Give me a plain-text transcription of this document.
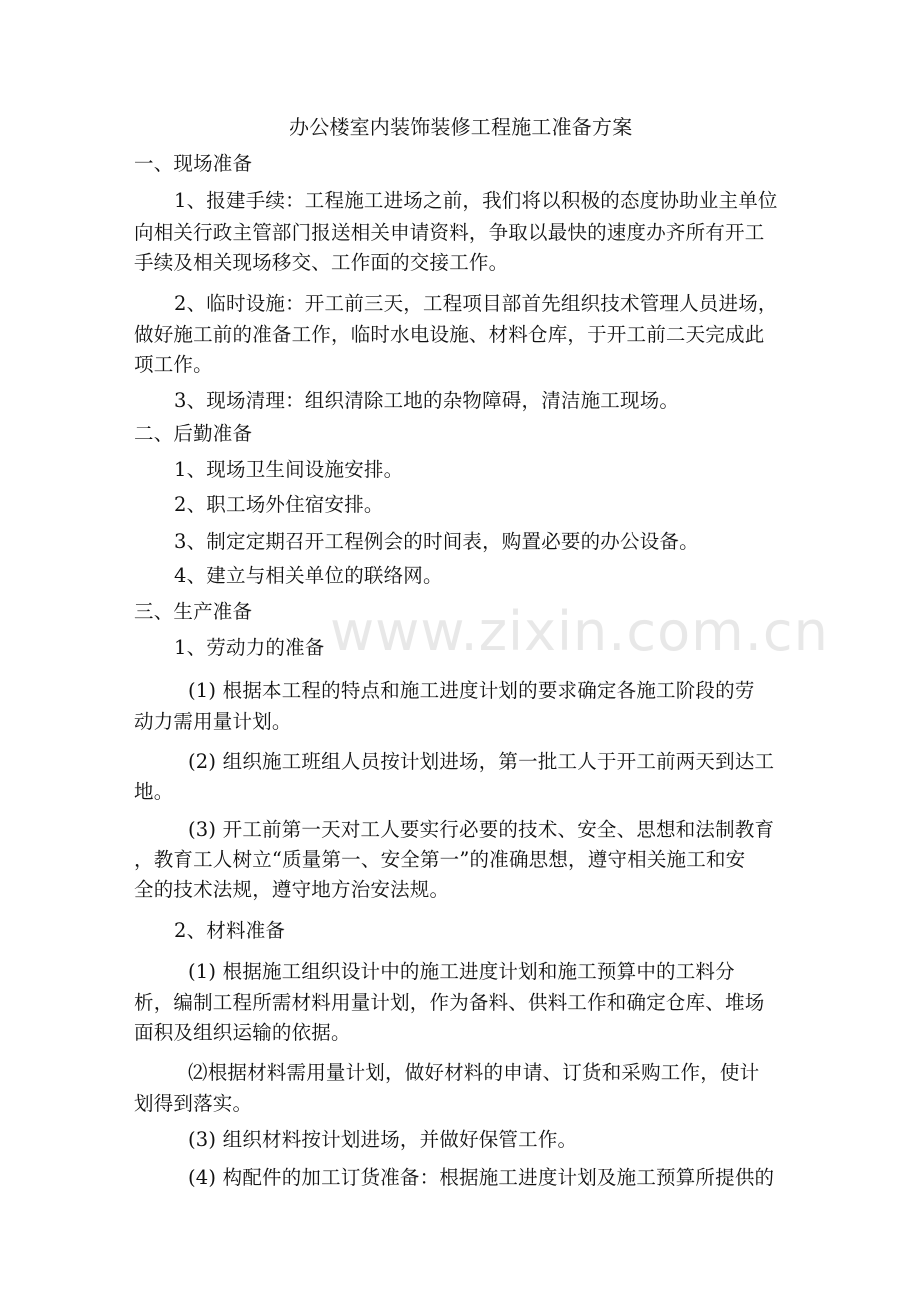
办公楼室内装饰装修工程施工准备方案
一、现场准备
1、报建手续：工程施工进场之前，我们将以积极的态度协助业主单位
向相关行政主管部门报送相关申请资料，争取以最快的速度办齐所有开工
手续及相关现场移交、工作面的交接工作。
2、临时设施：开工前三天，工程项目部首先组织技术管理人员进场，
做好施工前的准备工作，临时水电设施、材料仓库，于开工前二天完成此
项工作。
3、现场清理：组织清除工地的杂物障碍，清洁施工现场。
二、后勤准备
1、现场卫生间设施安排。
2、职工场外住宿安排。
3、制定定期召开工程例会的时间表，购置必要的办公设备。
4、建立与相关单位的联络网。
三、生产准备
1、劳动力的准备
(1) 根据本工程的特点和施工进度计划的要求确定各施工阶段的劳
动力需用量计划。
(2) 组织施工班组人员按计划进场，第一批工人于开工前两天到达工
地。
(3) 开工前第一天对工人要实行必要的技术、安全、思想和法制教育
，教育工人树立“质量第一、安全第一”的准确思想，遵守相关施工和安
全的技术法规，遵守地方治安法规。
2、材料准备
(1) 根据施工组织设计中的施工进度计划和施工预算中的工料分
析，编制工程所需材料用量计划，作为备料、供料工作和确定仓库、堆场
面积及组织运输的依据。
⑵根据材料需用量计划，做好材料的申请、订货和采购工作，使计
划得到落实。
(3) 组织材料按计划进场，并做好保管工作。
(4) 构配件的加工订货准备：根据施工进度计划及施工预算所提供的
www.zixin.com.cn
